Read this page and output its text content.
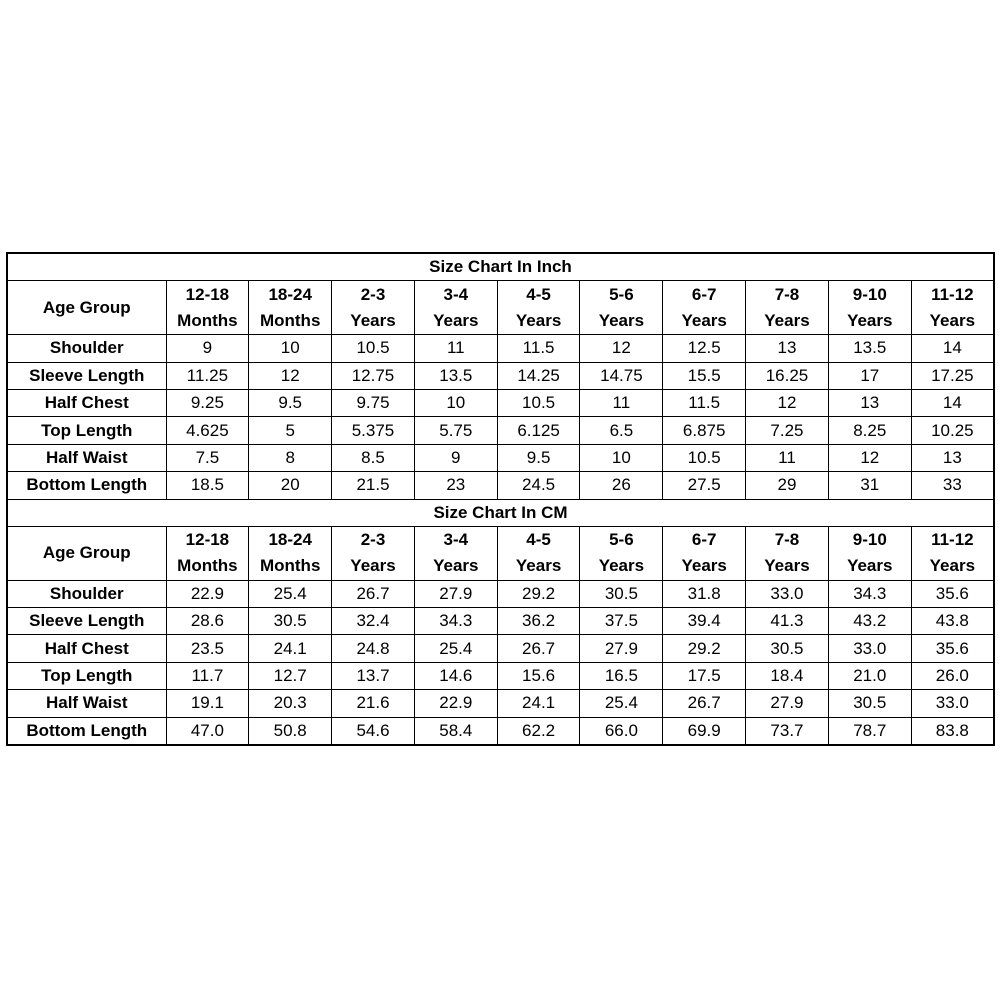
Size Chart In Inch										
Age Group	12-18	18-24	2-3	3-4	4-5	5-6	6-7	7-8	9-10	11-12
	Months	Months	Years	Years	Years	Years	Years	Years	Years	Years
Shoulder	9	10	10.5	11	11.5	12	12.5	13	13.5	14
Sleeve Length	11.25	12	12.75	13.5	14.25	14.75	15.5	16.25	17	17.25
Half Chest	9.25	9.5	9.75	10	10.5	11	11.5	12	13	14
Top Length	4.625	5	5.375	5.75	6.125	6.5	6.875	7.25	8.25	10.25
Half Waist	7.5	8	8.5	9	9.5	10	10.5	11	12	13
Bottom Length	18.5	20	21.5	23	24.5	26	27.5	29	31	33
Size Chart In CM										
Age Group	12-18	18-24	2-3	3-4	4-5	5-6	6-7	7-8	9-10	11-12
	Months	Months	Years	Years	Years	Years	Years	Years	Years	Years
Shoulder	22.9	25.4	26.7	27.9	29.2	30.5	31.8	33.0	34.3	35.6
Sleeve Length	28.6	30.5	32.4	34.3	36.2	37.5	39.4	41.3	43.2	43.8
Half Chest	23.5	24.1	24.8	25.4	26.7	27.9	29.2	30.5	33.0	35.6
Top Length	11.7	12.7	13.7	14.6	15.6	16.5	17.5	18.4	21.0	26.0
Half Waist	19.1	20.3	21.6	22.9	24.1	25.4	26.7	27.9	30.5	33.0
Bottom Length	47.0	50.8	54.6	58.4	62.2	66.0	69.9	73.7	78.7	83.8
